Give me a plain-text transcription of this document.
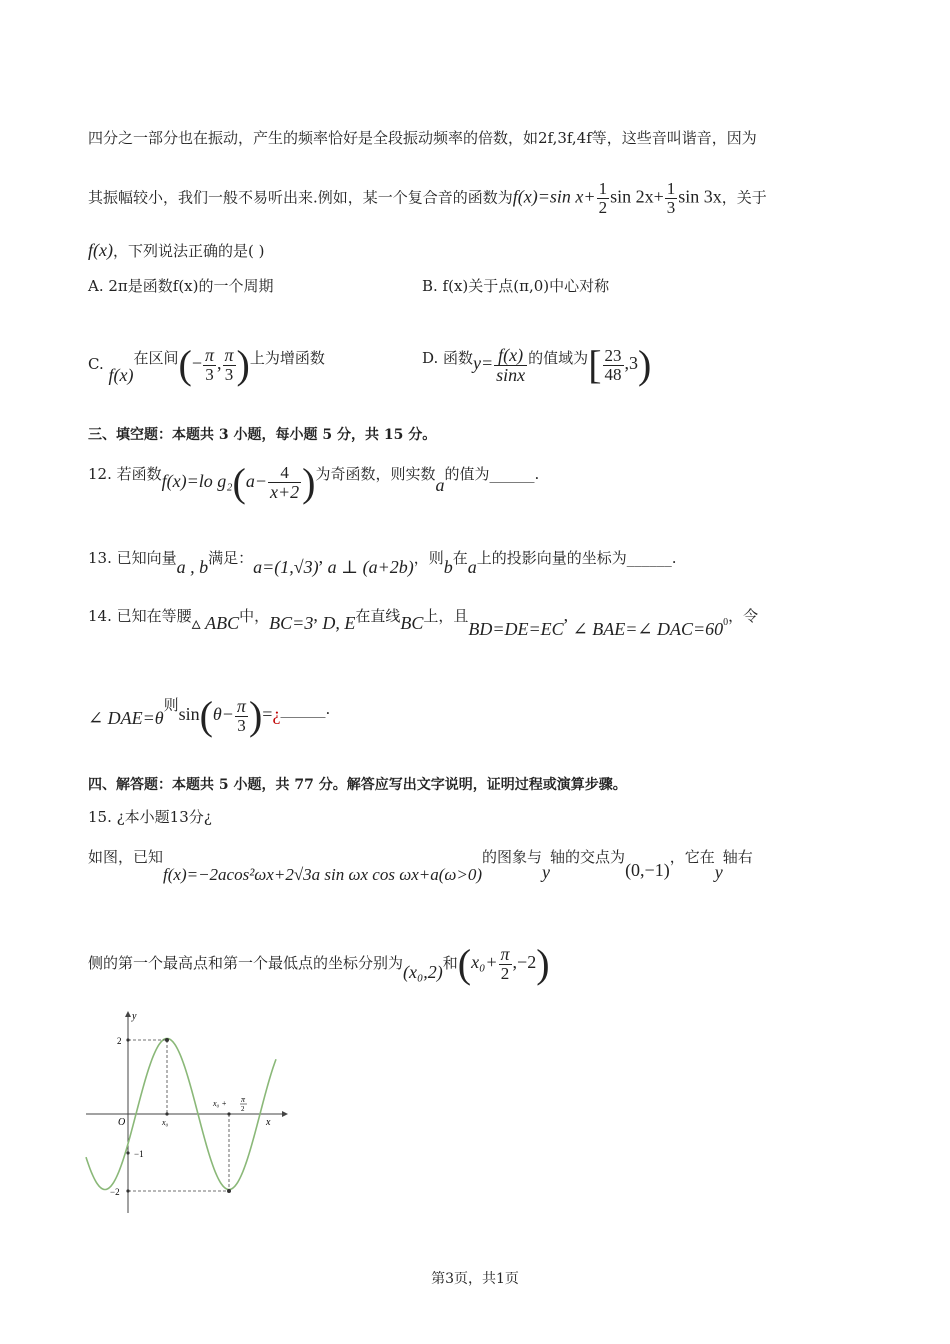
四分之一部分也在振动，产生的频率恰好是全段振动频率的倍数，如2f,3f,4f等，这些音叫谐音，因为
其振幅较小，我们一般不易听出来.例如，某一个复合音的函数为f(x)=sin $x+ \frac{1}{2}$ $\sin 2x+ \frac{1}{3}$ sin 3x，关于
f(x)，下列说法正确的是( )
A. 2π是函数f(x)的一个周期	B. f(x)关于点(π,0)中心对称
C. f(x)在区间(− $\frac{\pi}{3}$ , $\frac{\pi}{3}$ )上为增函数	D. 函数$y= \frac{f(x)}{\sin x}$ 的值域为[ $\frac{23}{48} ,3$)
三、填空题：本题共 3 小题，每小题 5 分，共 15 分。
12. 若函数f(x)=lo $g_2(a- \frac{4}{x+2}$ )为奇函数，则实数a的值为______.
13. 已知向量a , b满足：a=(1,√3), a ⊥ (a+2b)，则b在a上的投影向量的坐标为______.
14. 已知在等腰▵ ABC中，BC=3, D, E在直线BC上，且BD=DE=EC, ∠ BAE=∠ $DAC=60_0$，令
∠ DAE=θ则$\sin(\theta- \frac{\pi}{3}$ )=¿______.
四、解答题：本题共 5 小题，共 77 分。解答应写出文字说明，证明过程或演算步骤。
15. ¿本小题13分¿
如图，已知f(x)=−2acos²ωx+2√3a sin ωx cos ωx+a(ω>0)的图象与y轴的交点为(0,−1)，它在y轴右
侧的第一个最高点和第一个最低点的坐标分别为(x₀,2)和$(x_0+ \frac{\pi}{2} ,-2)$
y
x
O
2
−1
−2
x₀
x₀ + π
2
第3页，共1页
